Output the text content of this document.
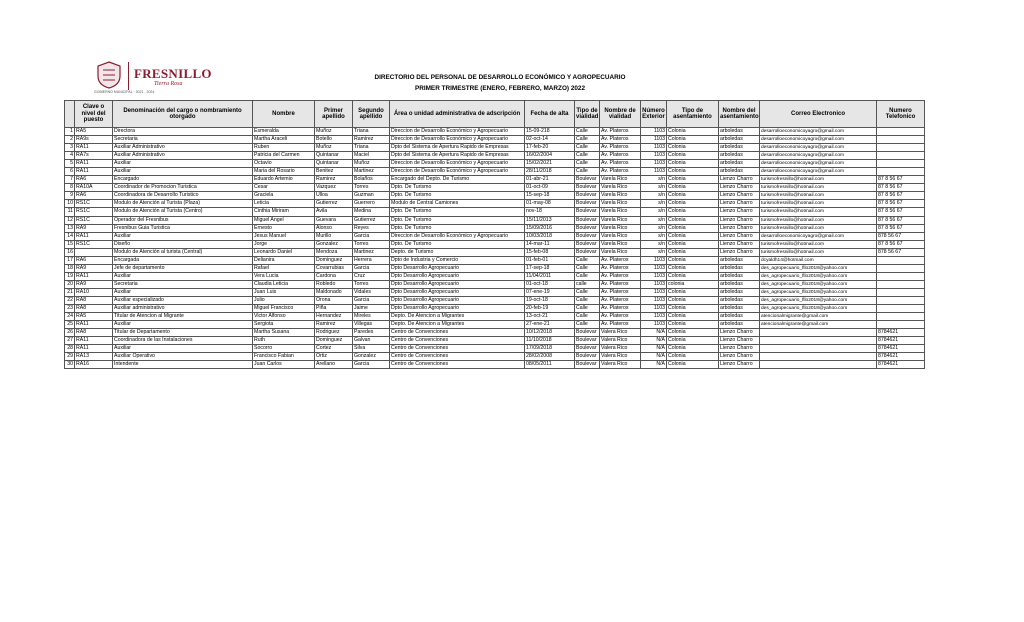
FRESNILLO
Tierra Rosa
GOBIERNO MUNICIPAL · 2021 - 2024
DIRECTORIO DEL PERSONAL DE DESARROLLO ECONÓMICO Y AGROPECUARIO
PRIMER TRIMESTRE (ENERO, FEBRERO, MARZO) 2022
	Clave o nivel del puesto	Denominación del cargo o nombramiento otorgado	Nombre	Primer apellido	Segundo apellido	Área o unidad administrativa de adscripción	Fecha de alta	Tipo de vialidad	Nombre de vialidad	Número Exterior	Tipo de asentamiento	Nombre del asentamiento	Correo Electronico	Numero Telefonico
1	RA5	Directora	Esmeralda	Muñoz	Triana	Direccion de Desarrollo Económico y Agropecuario	15-09-218	Calle	Av. Plateros	1103	Colonia	arboledas	desarrolloeconomicoyagro@gmail.com	
2	RA9s	Secretaria	Martha Araceli	Botello	Ramirez	Direccion de Desarrollo Económico y Agropecuario	02-oct-14	Calle	Av. Plateros	1103	Colonia	arboledas	desarrolloeconomicoyagro@gmail.com	
3	RA11	Auxiliar Administrativo	Ruben	Muñoz	Triana	Dpto del Sistema de Apertura Rapido de Empresas	17-feb-20	Calle	Av. Plateros	1103	Colonia	arboledas	desarrolloeconomicoyagro@gmail.com	
4	RA7s	Auxiliar Administrativo	Patricia del Carmen	Quintanar	Maciel	Dpto del Sistema de Apertura Rapido de Empresas	16/02/2004	Calle	Av. Plateros	1103	Colonia	arboledas	desarrolloeconomicoyagro@gmail.com	
5	RA11	Auxiliar	Octavio	Quintanar	Muñoz	Direccion de Desarrollo Económico y Agropecuario	15/02/2021	Calle	Av. Plateros	1103	Colonia	arboledas	desarrolloeconomicoyagro@gmail.com	
6	RA11	Auxiliar	Maria del Rosario	Benitez	Martinez	Direccion de Desarrollo Económico y Agropecuario	28/11/2018	Calle	Av. Plateros	1103	Colonia	arboledas	desarrolloeconomicoyagro@gmail.com	
7	RA6	Encargado	Eduardo Artemio	Ramirez	Bolaños	Encargado del Depto. De Turismo	01-abr-21	Boulevar	Varela Rico	s/n	Colonia	Lienzo Charro	turismofresnillo@hotmail.com	87 8 56 67
8	RA10A	Coordinador de Promocion Turistica	Cesar	Vazquez	Torres	Dpto. De Turismo	01-oct-09	Boulevar	Varela Rico	s/n	Colonia	Lienzo Charro	turismofresnillo@hotmail.com	87 8 56 67
9	RA6	Coordinadora de Desarrollo Turistico	Graciela	Ulloa	Guzman	Dpto. De Turismo	15-sep-18	Boulevar	Varela Rico	s/n	Colonia	Lienzo Charro	turismofresnillo@hotmail.com	87 8 56 67
10	RS1C	Modulo de Atención al Turista (Plaza)	Leticia	Gutierrez	Guerrero	Modulo de Central Camiones	01-may-08	Boulevar	Varela Rico	s/n	Colonia	Lienzo Charro	turismofresnillo@hotmail.com	87 8 56 67
11	RS1C	Modulo de Atención al Turista (Centro)	Cinthia Miriram	Avila	Medina	Dpto. De Turismo	nov-18	Boulevar	Varela Rico	s/n	Colonia	Lienzo Charro	turismofresnillo@hotmail.com	87 8 56 67
12	RS1C	Operador del Fresnibus	Miguel Angel	Guevara	Gutierrez	Dpto. De Turismo	15/11/2013	Boulevar	Varela Rico	s/n	Colonia	Lienzo Charro	turismofresnillo@hotmail.com	87 8 56 67
13	RA9	Fresnibus Guia Turistica	Ernesto	Alonso	Reyes	Dpto. De Turismo	15/09/2016	Boulevar	Varela Rico	s/n	Colonia	Lienzo Charro	turismofresnillo@hotmail.com	87 8 56 67
14	RA11	Auxiliar	Jesus Manuel	Murillo	Garcia	Direccion de Desarrollo Económico y Agropecuario	10/03/2018	Boulevar	Varela Rico	s/n	Colonia	Lienzo Charro	desarrolloeconomicoyagro@gmail.com	878 56 67
15	RS1C	Diseño	Jorge	Gonzalez	Torres	Dpto. De Turismo	14-mar-11	Boulevar	Varela Rico	s/n	Colonia	Lienzo Charro	turismofresnillo@hotmail.com	87 8 56 67
16		Modulo de Atención al turista (Central)	Leonardo Daniel	Mendoza	Martinez	Depto. de Turismo	15-feb-08	Boulevar	Varela Rico	s/n	Colonia	Lienzo Charro	turismofresnillo@hotmail.com	878 56 67
17	RA6	Encargada	Delianira	Dominguez	Herrera	Dpto de Industria y Comercio	01-feb-01	Calle	Av. Plateros	1103	Colonia	arboledas	dcyaldh14@hotmail.com	
18	RA9	Jefe de departamento	Rafael	Covarrubias	Garcia	Dpto Desarrollo Agropecuario	17-sep-18	Calle	Av. Plateros	1103	Colonia	arboledas	des_agropecuario_fllo2018@yahoo.com	
19	RA11	Auxiliar	Vera Lucia	Cardona	Cruz	Dpto Desarrollo Agropecuario	11/04/2011	Calle	Av. Plateros	1103	Colonia	arboledas	des_agropecuario_fllo2018@yahoo.com	
20	RA9	Secretaria	Claudia Leticia	Robledo	Torres	Dpto Desarrollo Agropecuario	01-oct-18	calle	Av. Plateros	1103	colonia	arboledas	des_agropecuario_fllo2018@yahoo.com	
21	RA10	Auxiliar	Juan Luis	Maldonado	Vidales	Dpto Desarrollo Agropecuario	07-ene-19	Calle	Av. Plateros	1103	Colonia	arboledas	des_agropecuario_fllo2018@yahoo.com	
22	RA8	Auxiliar especializado	Julio	Orona	Garcia	Dpto Desarrollo Agropecuario	19-oct-18	Calle	Av. Plateros	1103	Colonia	arboledas	des_agropecuario_fllo2018@yahoo.com	
23	RA8	Auxiliar administrativo	Miguel Francisco	Piña	Jaime	Dpto Desarrollo Agropecuario	20-feb-19	Calle	Av. Plateros	1103	Colonia	arboledas	des_agropecuario_fllo2018@yahoo.com	
24	RA5	Titular de Atencion al Migrante	Victor Alfonso	Hernandez	Mireles	Depto. De Atencion a Migrantes	13-oct-21	Calle	Av. Plateros	1103	Colonia	arboledas	atencionalmigrante@gmail.com	
25	RA11	Auxiliar	Sergiota	Ramirez	Villegas	Depto. De Atencion a Migrantes	27-ene-21	Calle	Av. Plateros	1103	Colonia	arboledas	atencionalmigrante@gmail.com	
26	RA8	Titular de Departamento	Martha Susana	Rodriguez	Paredes	Centro de Convenciones	10/12/2018	Boulevar	Valera Rico	N/A	Colonia	Lienzo Charro		8784621
27	RA11	Coordinadora de las Instalaciones	Ruth	Dominguez	Galvan	Centro de Convenciones	11/10/2018	Boulevar	Valera Rico	N/A	Colonia	Lienzo Charro		8784621
28	RA11	Auxiliar	Socorro	Cortez	Silva	Centro de Convenciones	17/09/2018	Boulevar	Valera Rico	N/A	Colonia	Lienzo Charro		8784621
29	RA13	Auxiliar Operativo	Francisco Fabian	Ortiz	Gonzalez	Centro de Convenciones	28/02/2008	Boulevar	Valera Rico	N/A	Colonia	Lienzo Charro		8784621
30	RA16	Intendente	Juan Carlos	Arellano	Garcia	Centro de Convenciones	08/05/2011	Boulevar	Valera Rico	N/A	Colonia	Lienzo Charro		8784621
